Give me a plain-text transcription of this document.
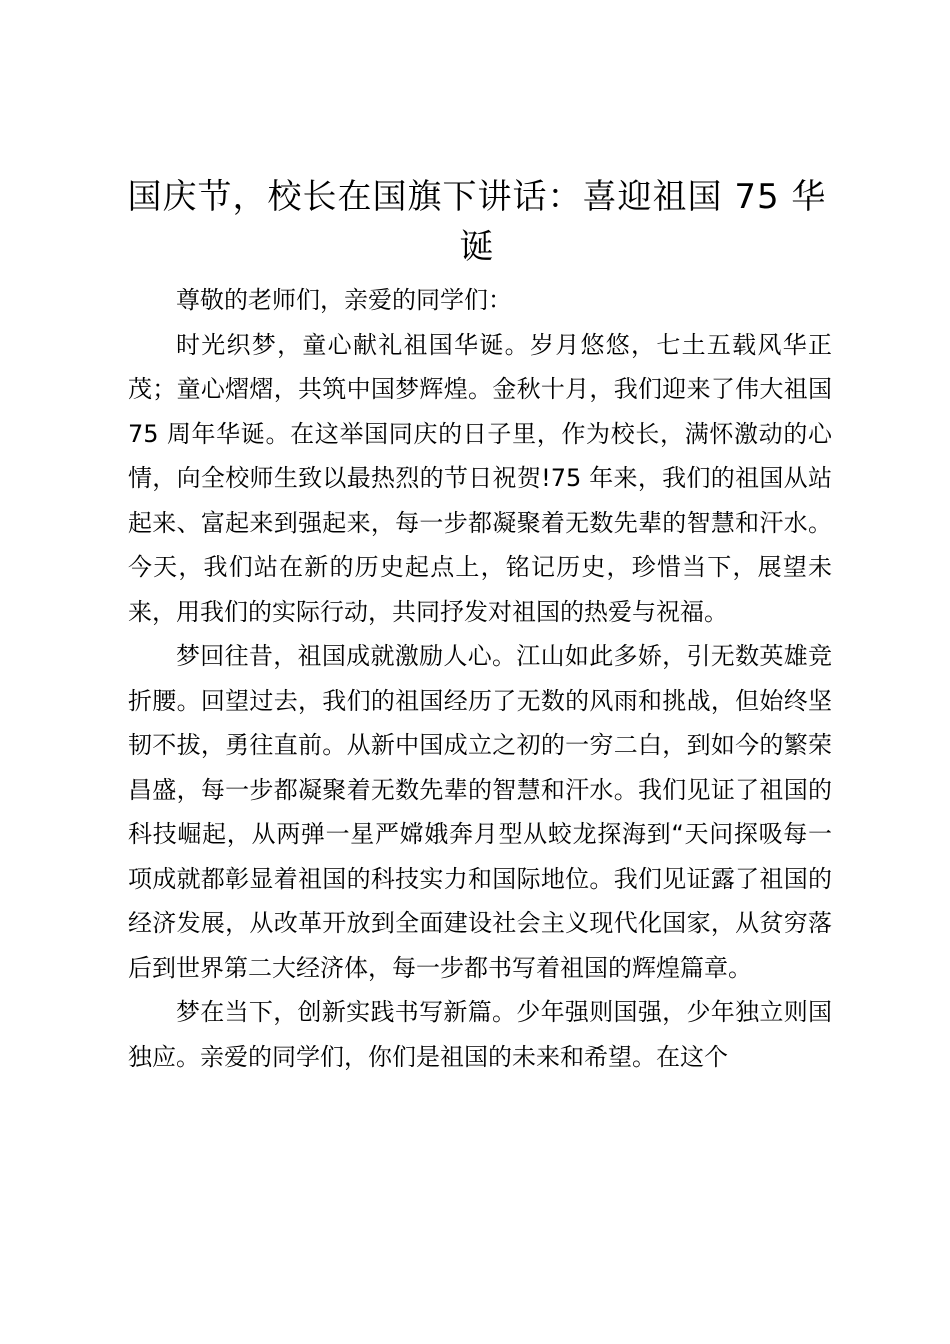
国庆节，校长在国旗下讲话：喜迎祖国 75 华诞

尊敬的老师们，亲爱的同学们：

时光织梦，童心献礼祖国华诞。岁月悠悠，七土五载风华正茂；童心熠熠，共筑中国梦辉煌。金秋十月，我们迎来了伟大祖国 75 周年华诞。在这举国同庆的日子里，作为校长，满怀激动的心情，向全校师生致以最热烈的节日祝贺!75 年来，我们的祖国从站起来、富起来到强起来，每一步都凝聚着无数先辈的智慧和汗水。今天，我们站在新的历史起点上，铭记历史，珍惜当下，展望未来，用我们的实际行动，共同抒发对祖国的热爱与祝福。

梦回往昔，祖国成就激励人心。江山如此多娇，引无数英雄竞折腰。回望过去，我们的祖国经历了无数的风雨和挑战，但始终坚韧不拔，勇往直前。从新中国成立之初的一穷二白，到如今的繁荣昌盛，每一步都凝聚着无数先辈的智慧和汗水。我们见证了祖国的科技崛起，从两弹一星严嫦娥奔月型从蛟龙探海到“天问探吸每一项成就都彰显着祖国的科技实力和国际地位。我们见证露了祖国的经济发展，从改革开放到全面建设社会主义现代化国家，从贫穷落后到世界第二大经济体，每一步都书写着祖国的辉煌篇章。

梦在当下，创新实践书写新篇。少年强则国强，少年独立则国独应。亲爱的同学们，你们是祖国的未来和希望。在这个
